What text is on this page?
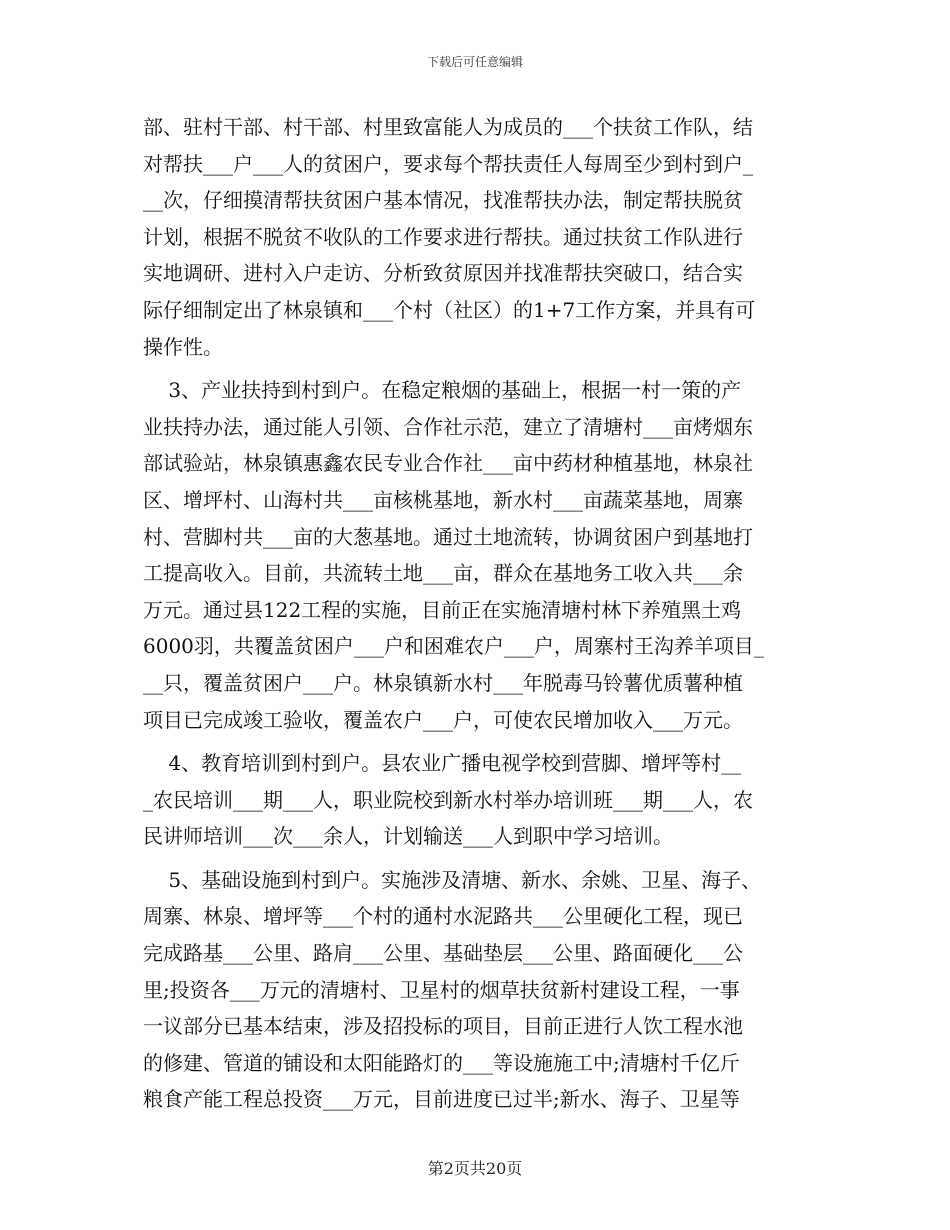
下载后可任意编辑
部、驻村干部、村干部、村里致富能人为成员的___个扶贫工作队，结
对帮扶___户___人的贫困户，要求每个帮扶责任人每周至少到村到户_
__次，仔细摸清帮扶贫困户基本情况，找准帮扶办法，制定帮扶脱贫
计划，根据不脱贫不收队的工作要求进行帮扶。通过扶贫工作队进行
实地调研、进村入户走访、分析致贫原因并找准帮扶突破口，结合实
际仔细制定出了林泉镇和___个村（社区）的1+7工作方案，并具有可
操作性。
3、产业扶持到村到户。在稳定粮烟的基础上，根据一村一策的产
业扶持办法，通过能人引领、合作社示范，建立了清塘村___亩烤烟东
部试验站，林泉镇惠鑫农民专业合作社___亩中药材种植基地，林泉社
区、增坪村、山海村共___亩核桃基地，新水村___亩蔬菜基地，周寨
村、营脚村共___亩的大葱基地。通过土地流转，协调贫困户到基地打
工提高收入。目前，共流转土地___亩，群众在基地务工收入共___余
万元。通过县122工程的实施，目前正在实施清塘村林下养殖黑土鸡
6000羽，共覆盖贫困户___户和困难农户___户，周寨村王沟养羊项目_
__只，覆盖贫困户___户。林泉镇新水村___年脱毒马铃薯优质薯种植
项目已完成竣工验收，覆盖农户___户，可使农民增加收入___万元。
4、教育培训到村到户。县农业广播电视学校到营脚、增坪等村__
_农民培训___期___人，职业院校到新水村举办培训班___期___人，农
民讲师培训___次___余人，计划输送___人到职中学习培训。
5、基础设施到村到户。实施涉及清塘、新水、余姚、卫星、海子、
周寨、林泉、增坪等___个村的通村水泥路共___公里硬化工程，现已
完成路基___公里、路肩___公里、基础垫层___公里、路面硬化___公
里;投资各___万元的清塘村、卫星村的烟草扶贫新村建设工程，一事
一议部分已基本结束，涉及招投标的项目，目前正进行人饮工程水池
的修建、管道的铺设和太阳能路灯的___等设施施工中;清塘村千亿斤
粮食产能工程总投资___万元，目前进度已过半;新水、海子、卫星等
第2页共20页
